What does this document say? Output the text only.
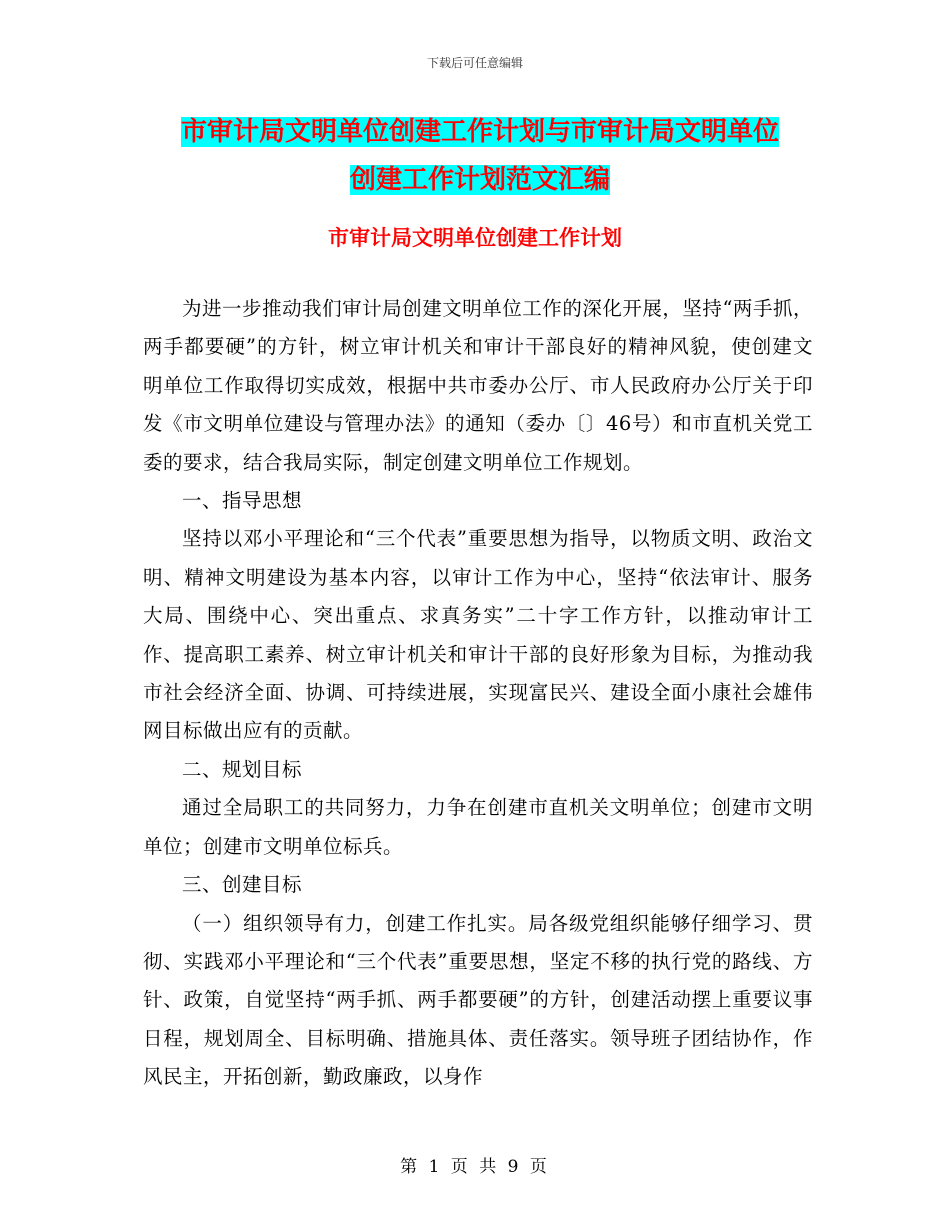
下载后可任意编辑
市审计局文明单位创建工作计划与市审计局文明单位
创建工作计划范文汇编
市审计局文明单位创建工作计划

为进一步推动我们审计局创建文明单位工作的深化开展，坚持“两手抓，两手都要硬”的方针，树立审计机关和审计干部良好的精神风貌，使创建文明单位工作取得切实成效，根据中共市委办公厅、市人民政府办公厅关于印发《市文明单位建设与管理办法》的通知（委办〔〕46号）和市直机关党工委的要求，结合我局实际，制定创建文明单位工作规划。

一、指导思想

坚持以邓小平理论和“三个代表”重要思想为指导，以物质文明、政治文明、精神文明建设为基本内容，以审计工作为中心，坚持“依法审计、服务大局、围绕中心、突出重点、求真务实”二十字工作方针，以推动审计工作、提高职工素养、树立审计机关和审计干部的良好形象为目标，为推动我市社会经济全面、协调、可持续进展，实现富民兴、建设全面小康社会雄伟网目标做出应有的贡献。

二、规划目标

通过全局职工的共同努力，力争在创建市直机关文明单位；创建市文明单位；创建市文明单位标兵。

三、创建目标

（一）组织领导有力，创建工作扎实。局各级党组织能够仔细学习、贯彻、实践邓小平理论和“三个代表”重要思想，坚定不移的执行党的路线、方针、政策，自觉坚持“两手抓、两手都要硬”的方针，创建活动摆上重要议事日程，规划周全、目标明确、措施具体、责任落实。领导班子团结协作，作风民主，开拓创新，勤政廉政，以身作

第 1 页 共 9 页
